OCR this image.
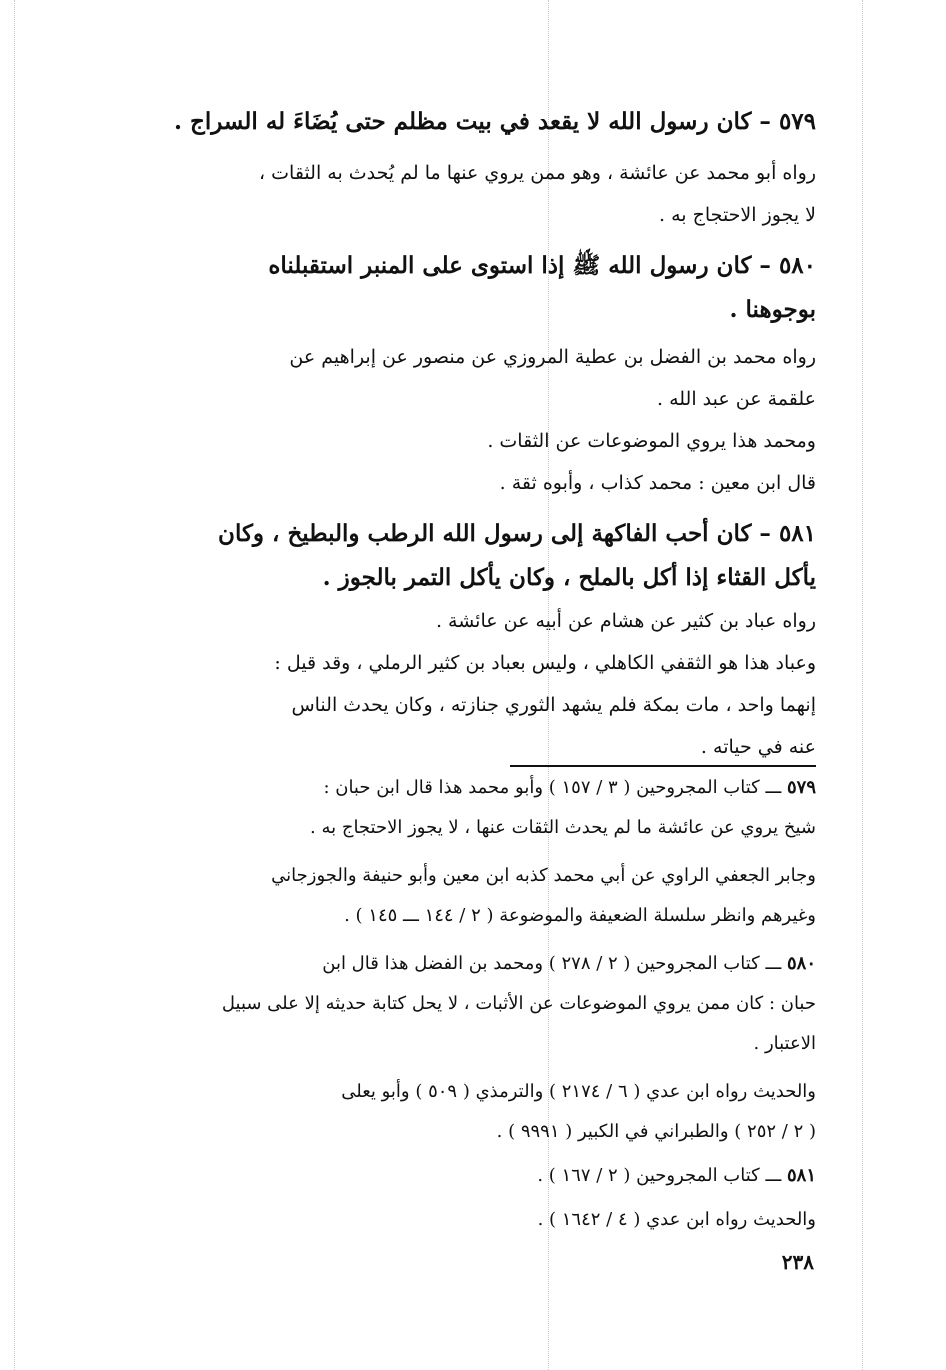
٥٧٩ – كان رسول الله لا يقعد في بيت مظلم حتى يُضَاءَ له السراج .
رواه أبو محمد عن عائشة ، وهو ممن يروي عنها ما لم يُحدث به الثقات ،
لا يجوز الاحتجاج به .
٥٨٠ – كان رسول الله ﷺ إذا استوى على المنبر استقبلناه
بوجوهنا .
رواه محمد بن الفضل بن عطية المروزي عن منصور عن إبراهيم عن
علقمة عن عبد الله .
ومحمد هذا يروي الموضوعات عن الثقات .
قال ابن معين : محمد كذاب ، وأبوه ثقة .
٥٨١ – كان أحب الفاكهة إلى رسول الله الرطب والبطيخ ، وكان
يأكل القثاء إذا أكل بالملح ، وكان يأكل التمر بالجوز .
رواه عباد بن كثير عن هشام عن أبيه عن عائشة .
وعباد هذا هو الثقفي الكاهلي ، وليس بعباد بن كثير الرملي ، وقد قيل :
إنهما واحد ، مات بمكة فلم يشهد الثوري جنازته ، وكان يحدث الناس
عنه في حياته .
٥٧٩ ـــ كتاب المجروحين ( ٣ / ١٥٧ ) وأبو محمد هذا قال ابن حبان :
شيخ يروي عن عائشة ما لم يحدث الثقات عنها ، لا يجوز الاحتجاج به .
وجابر الجعفي الراوي عن أبي محمد كذبه ابن معين وأبو حنيفة والجوزجاني
وغيرهم وانظر سلسلة الضعيفة والموضوعة ( ٢ / ١٤٤ ـــ ١٤٥ ) .
٥٨٠ ـــ كتاب المجروحين ( ٢ / ٢٧٨ ) ومحمد بن الفضل هذا قال ابن
حبان : كان ممن يروي الموضوعات عن الأثبات ، لا يحل كتابة حديثه إلا على سبيل
الاعتبار .
والحديث رواه ابن عدي ( ٦ / ٢١٧٤ ) والترمذي ( ٥٠٩ ) وأبو يعلى
( ٢ / ٢٥٢ ) والطبراني في الكبير ( ٩٩٩١ ) .
٥٨١ ـــ كتاب المجروحين ( ٢ / ١٦٧ ) .
والحديث رواه ابن عدي ( ٤ / ١٦٤٢ ) .
٢٣٨
